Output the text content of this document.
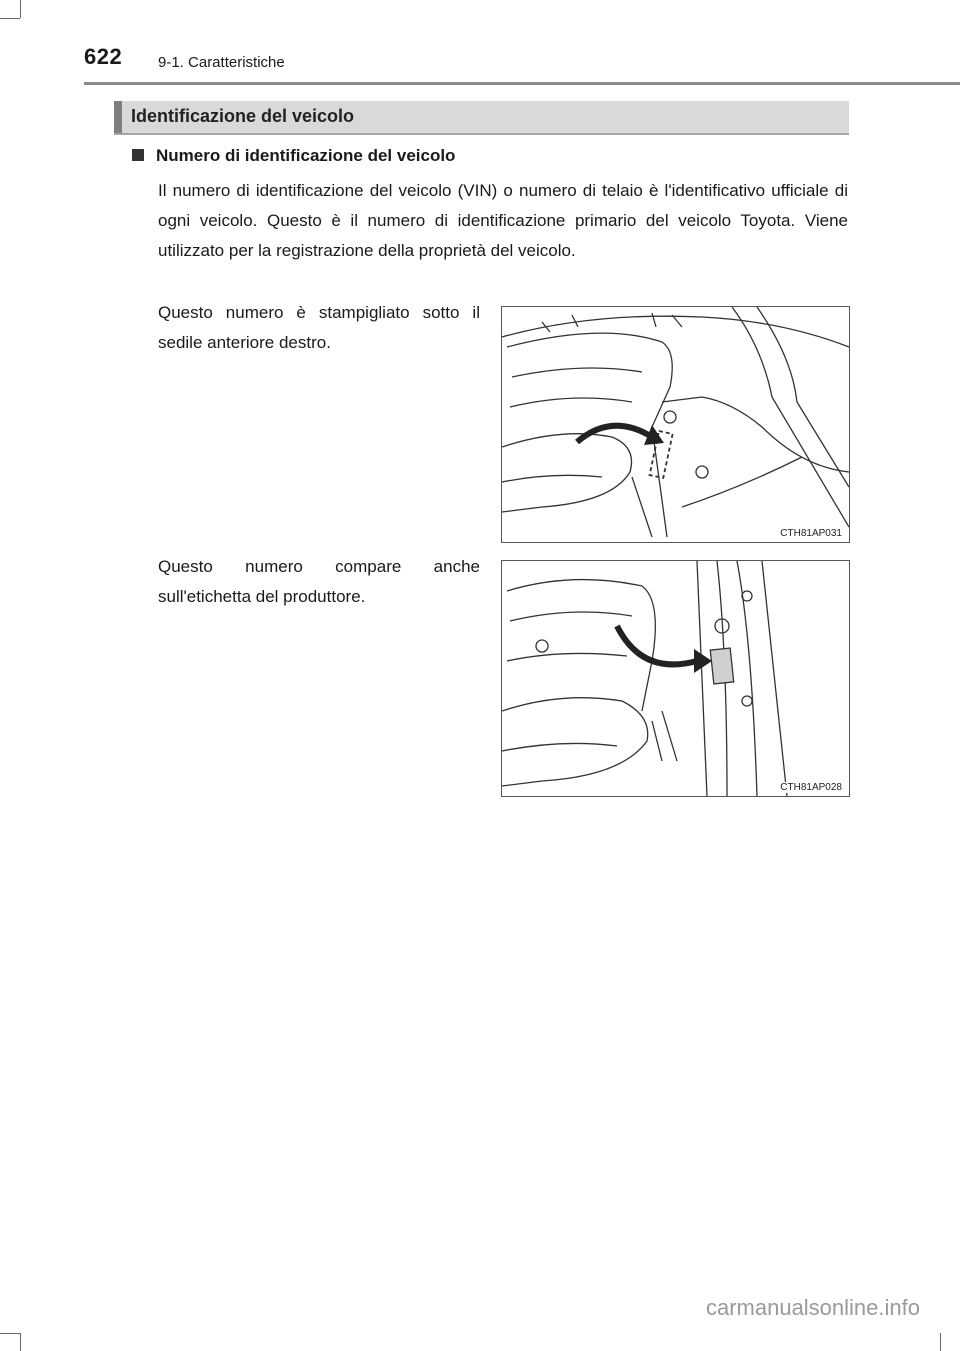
622 9-1. Caratteristiche
Identificazione del veicolo
Numero di identificazione del veicolo
Il numero di identificazione del veicolo (VIN) o numero di telaio è l'identificativo ufficiale di ogni veicolo. Questo è il numero di identificazione primario del veicolo Toyota. Viene utilizzato per la registrazione della proprietà del veicolo.
Questo numero è stampigliato sotto il sedile anteriore destro.
CTH81AP031
Questo numero compare anche sull'etichetta del produttore.
CTH81AP028
carmanualsonline.info
